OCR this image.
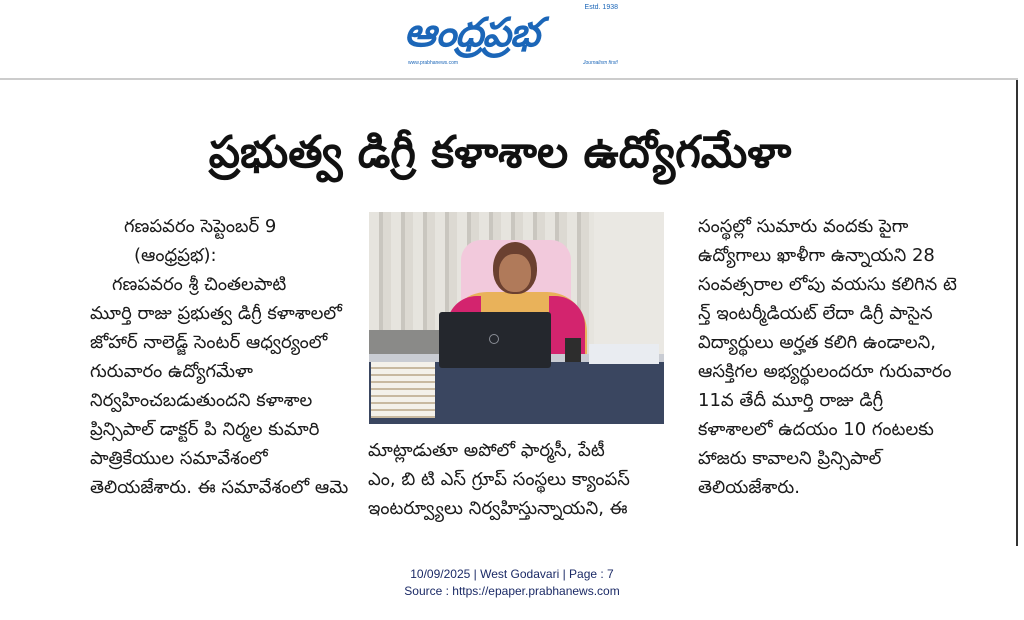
Estd. 1938
ఆంధ్రప్రభ
www.prabhanews.com	Journalism first!
ప్రభుత్వ డిగ్రీ కళాశాల ఉద్యోగమేళా

గణపవరం సెప్టెంబర్ 9

(ఆంధ్రప్రభ):

గణపవరం శ్రీ చింతలపాటి

మూర్తి రాజు ప్రభుత్వ డిగ్రీ కళాశాలలో

జోహార్ నాలెడ్జ్ సెంటర్ ఆధ్వర్యంలో

గురువారం ఉద్యోగమేళా

నిర్వహించబడుతుందని కళాశాల

ప్రిన్సిపాల్ డాక్టర్ పి నిర్మల కుమారి

పాత్రికేయుల సమావేశంలో

తెలియజేశారు. ఈ సమావేశంలో ఆమె

మాట్లాడుతూ అపోలో ఫార్మసీ, పేటీ

ఎం, బి టి ఎస్ గ్రూప్ సంస్థలు క్యాంపస్

ఇంటర్వ్యూలు నిర్వహిస్తున్నాయని, ఈ

సంస్థల్లో సుమారు వందకు పైగా

ఉద్యోగాలు ఖాళీగా ఉన్నాయని 28

సంవత్సరాల లోపు వయసు కలిగిన టె

న్త్ ఇంటర్మీడియట్ లేదా డిగ్రీ పాసైన

విద్యార్థులు అర్హత కలిగి ఉండాలని,

ఆసక్తిగల అభ్యర్థులందరూ గురువారం

11వ తేదీ మూర్తి రాజు డిగ్రీ

కళాశాలలో ఉదయం 10 గంటలకు

హాజరు కావాలని ప్రిన్సిపాల్

తెలియజేశారు.

10/09/2025 | West Godavari | Page : 7
Source : https://epaper.prabhanews.com
